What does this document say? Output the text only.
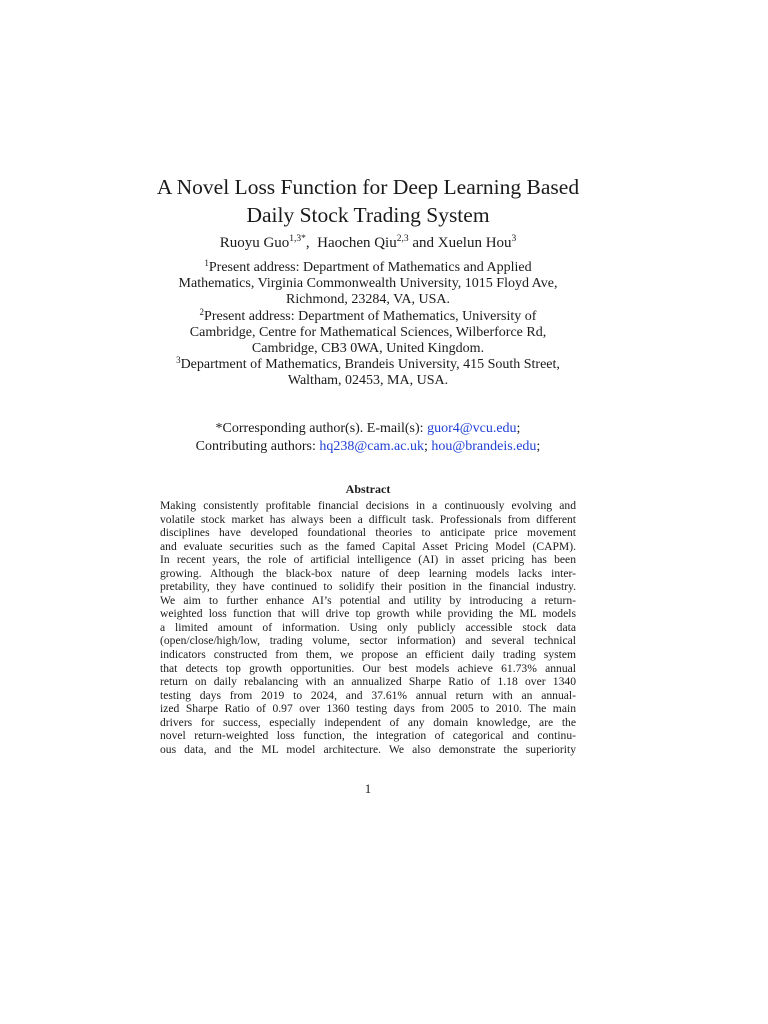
A Novel Loss Function for Deep Learning Based
Daily Stock Trading System
Ruoyu Guo$^{1,3*}$, Haochen Qiu$^{2,3}$ and Xuelun Hou$^3$
$^1$Present address: Department of Mathematics and Applied
Mathematics, Virginia Commonwealth University, 1015 Floyd Ave,
Richmond, 23284, VA, USA.
$^2$Present address: Department of Mathematics, University of
Cambridge, Centre for Mathematical Sciences, Wilberforce Rd,
Cambridge, CB3 0WA, United Kingdom.
$^3$Department of Mathematics, Brandeis University, 415 South Street,
Waltham, 02453, MA, USA.
*Corresponding author(s). E-mail(s): guor4@vcu.edu;
Contributing authors: hq238@cam.ac.uk; hou@brandeis.edu;
Abstract
Making consistently profitable financial decisions in a continuously evolving and
volatile stock market has always been a difficult task. Professionals from different
disciplines have developed foundational theories to anticipate price movement
and evaluate securities such as the famed Capital Asset Pricing Model (CAPM).
In recent years, the role of artificial intelligence (AI) in asset pricing has been
growing. Although the black-box nature of deep learning models lacks inter-
pretability, they have continued to solidify their position in the financial industry.
We aim to further enhance AI’s potential and utility by introducing a return-
weighted loss function that will drive top growth while providing the ML models
a limited amount of information. Using only publicly accessible stock data
(open/close/high/low, trading volume, sector information) and several technical
indicators constructed from them, we propose an efficient daily trading system
that detects top growth opportunities. Our best models achieve 61.73% annual
return on daily rebalancing with an annualized Sharpe Ratio of 1.18 over 1340
testing days from 2019 to 2024, and 37.61% annual return with an annual-
ized Sharpe Ratio of 0.97 over 1360 testing days from 2005 to 2010. The main
drivers for success, especially independent of any domain knowledge, are the
novel return-weighted loss function, the integration of categorical and continu-
ous data, and the ML model architecture. We also demonstrate the superiority
1
